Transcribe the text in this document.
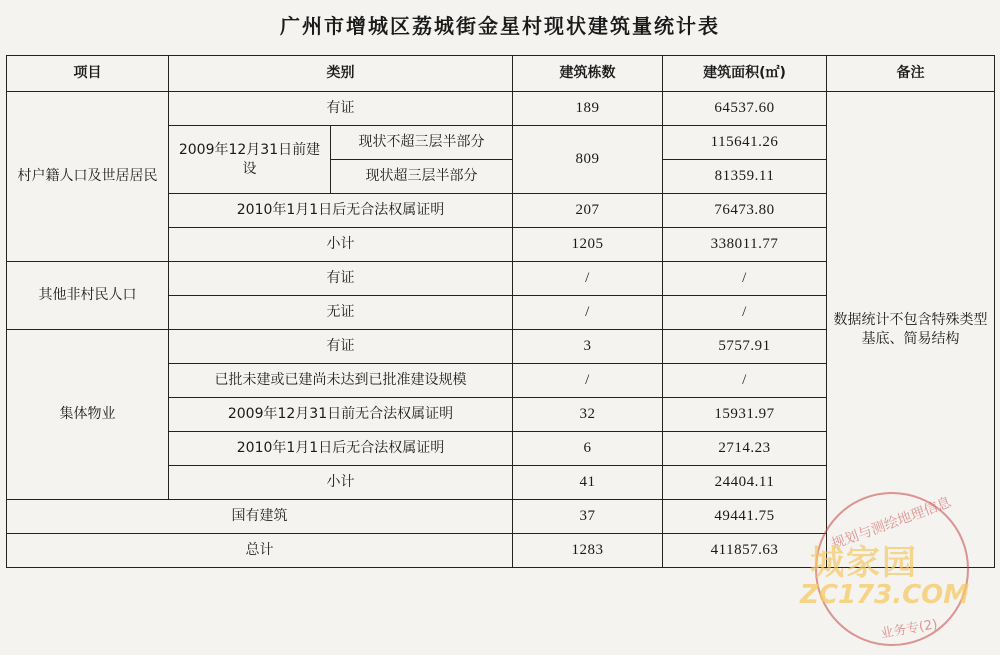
广州市增城区荔城街金星村现状建筑量统计表
项目	类别		建筑栋数	建筑面积(㎡)	备注
村户籍人口及世居居民	有证		189	64537.60	数据统计不包含特殊类型基底、简易结构
	2009年12月31日前建设	现状不超三层半部分	809	115641.26	
		现状超三层半部分		81359.11	
	2010年1月1日后无合法权属证明		207	76473.80	
	小计		1205	338011.77	
其他非村民人口	有证		/	/	
	无证		/	/	
集体物业	有证		3	5757.91	
	已批未建或已建尚未达到已批准建设规模		/	/	
	2009年12月31日前无合法权属证明		32	15931.97	
	2010年1月1日后无合法权属证明		6	2714.23	
	小计		41	24404.11	
国有建筑			37	49441.75	
总计			1283	411857.63		规划与测绘地理信息
业务专(2)
城家园
ZC173.COM
